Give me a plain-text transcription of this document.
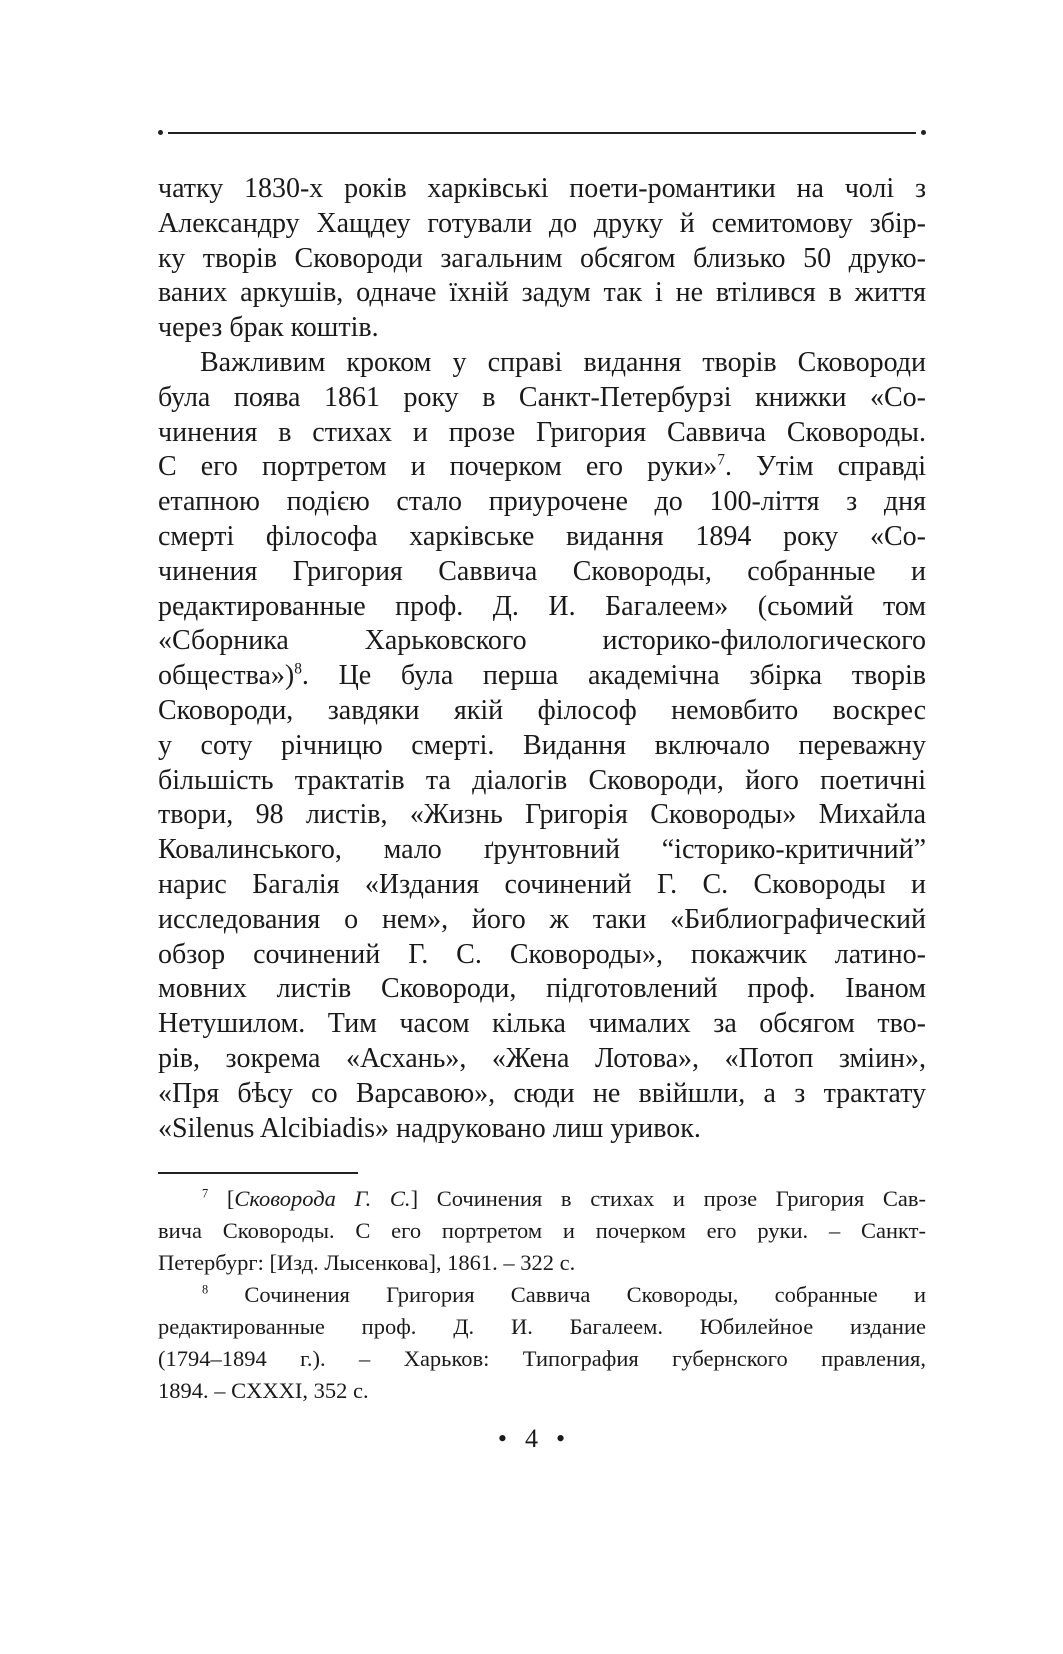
чатку 1830-х років харківські поети-романтики на чолі з
Александру Хащдеу готували до друку й семитомову збір-
ку творів Сковороди загальним обсягом близько 50 друко-
ваних аркушів, одначе їхній задум так і не втілився в життя
через брак коштів.
Важливим кроком у справі видання творів Сковороди
була поява 1861 року в Санкт-Петербурзі книжки «Со-
чинения в стихах и прозе Григория Саввича Сковороды.
С его портретом и почерком его руки»$^7$. Утім справді
етапною подією стало приурочене до 100-ліття з дня
смерті філософа харківське видання 1894 року «Со-
чинения Григория Саввича Сковороды, собранные и
редактированные проф. Д. И. Багалеем» (сьомий том
«Сборника Харьковского историко-филологического
общества»)$^8$. Це була перша академічна збірка творів
Сковороди, завдяки якій філософ немовбито воскрес
у соту річницю смерті. Видання включало переважну
більшість трактатів та діалогів Сковороди, його поетичні
твори, 98 листів, «Жизнь Григорія Сковороды» Михайла
Ковалинського, мало ґрунтовний “історико-критичний”
нарис Багалія «Издания сочинений Г. С. Сковороды и
исследования о нем», його ж таки «Библиографический
обзор сочинений Г. С. Сковороды», покажчик латино-
мовних листів Сковороди, підготовлений проф. Іваном
Нетушилом. Тим часом кілька чималих за обсягом тво-
рів, зокрема «Асхань», «Жена Лотова», «Потоп зміин»,
«Пря бѣсу со Варсавою», сюди не ввійшли, а з трактату
«Silenus Alcibiadis» надруковано лиш уривок.
$^7$ [Сковорода Г. С.] Сочинения в стихах и прозе Григория Сав-
вича Сковороды. С его портретом и почерком его руки. – Санкт-
Петербург: [Изд. Лысенкова], 1861. – 322 с.
$^8$ Сочинения Григория Саввича Сковороды, собранные и
редактированные проф. Д. И. Багалеем. Юбилейное издание
(1794–1894 г.). – Харьков: Типография губернского правления,
1894. – CXXXI, 352 с.
• 4 •
